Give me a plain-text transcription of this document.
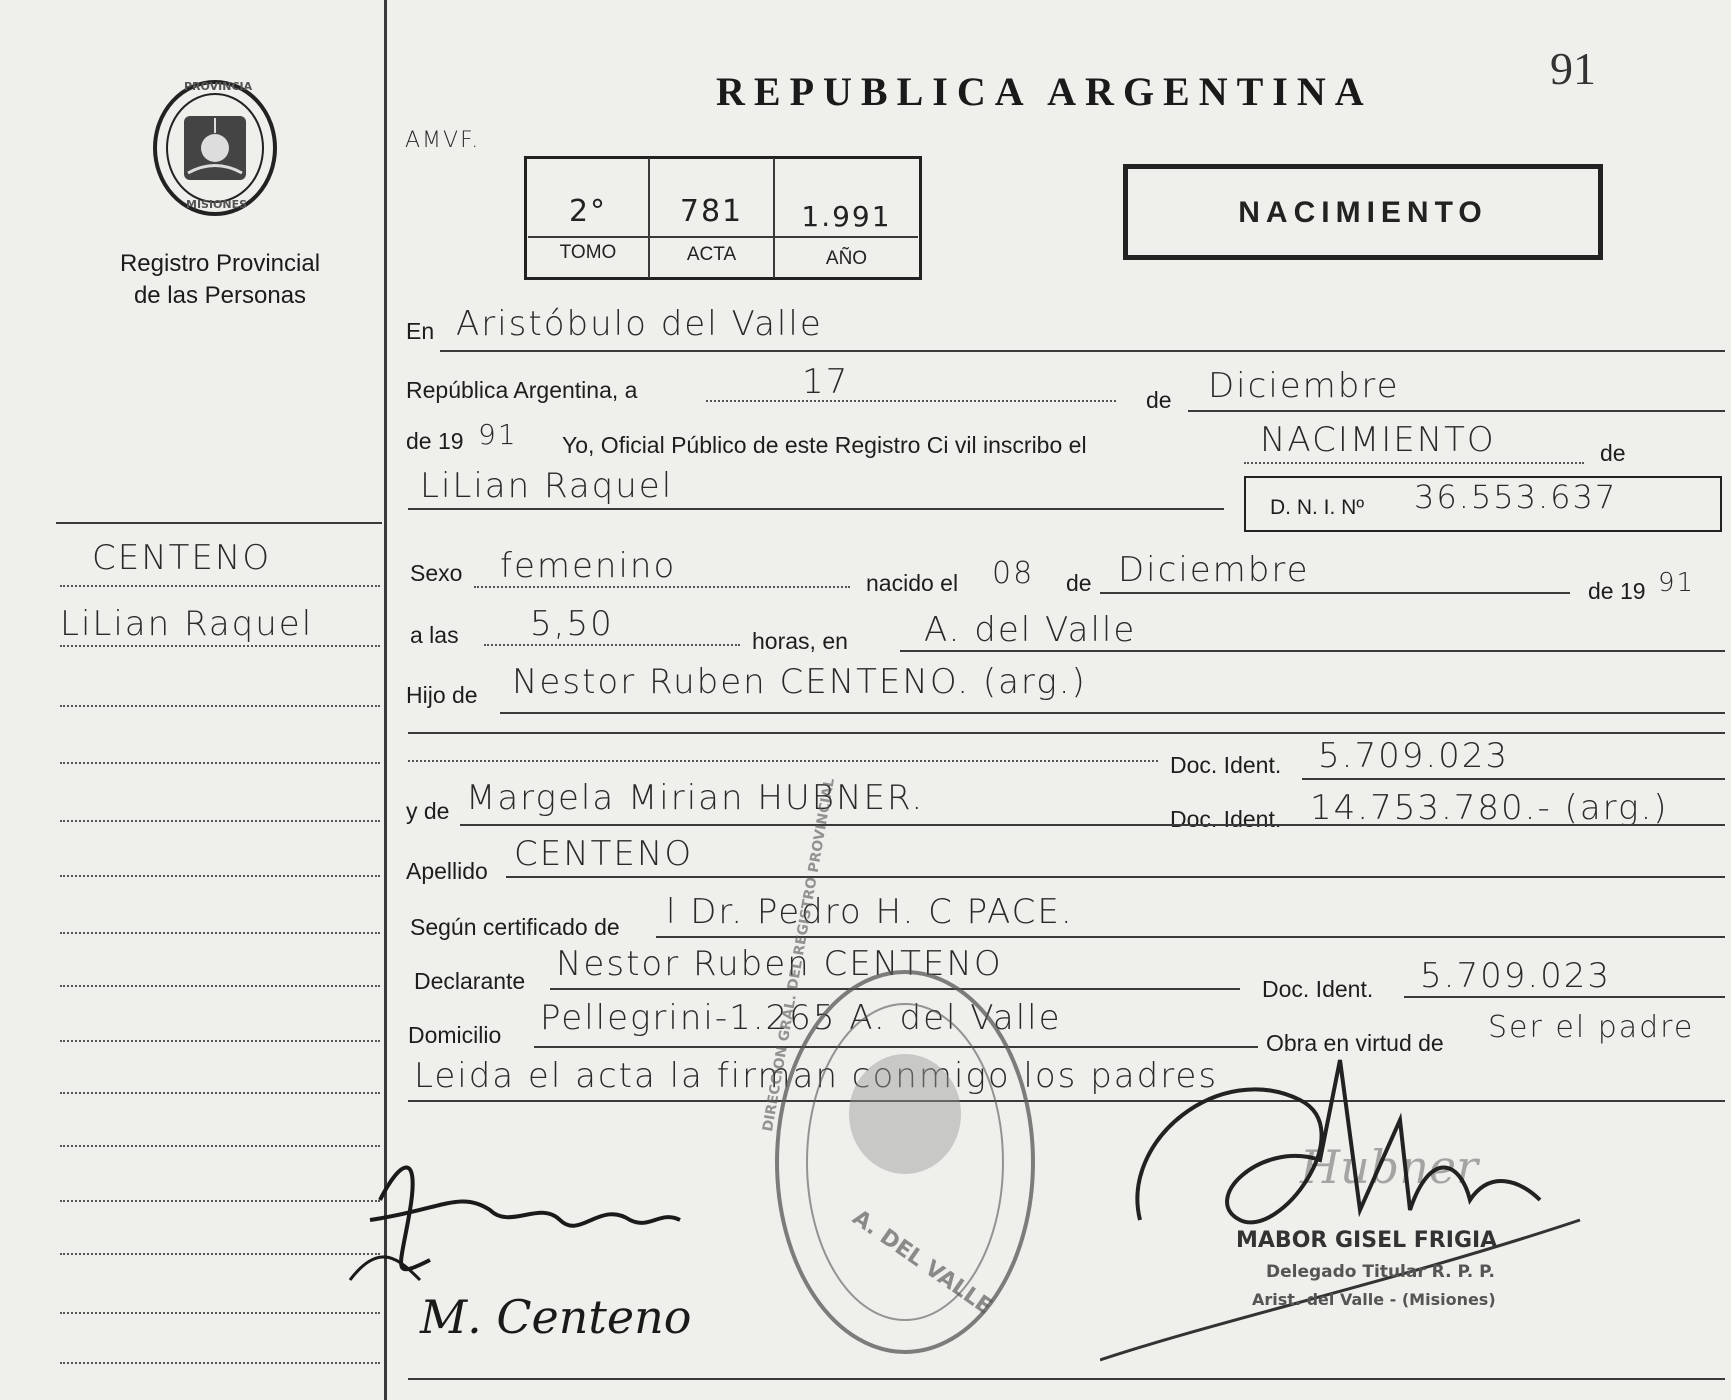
PROVINCIA
MISIONES
Registro Provincial
de las Personas
CENTENO
LiLian Raquel
REPUBLICA ARGENTINA	91
AMVF.
2°	781	1.991
TOMO	ACTA	AÑO
NACIMIENTO
En Aristóbulo del Valle
República Argentina, a	17	de Diciembre
de 19 91 Yo, Oficial Público de este Registro Ci vil inscribo el	NACIMIENTO	de
LiLian Raquel
D. N. I. Nº 36.553.637
Sexo femenino	nacido el 08 de Diciembre
de 19 91
a las 5,50	horas, en A. del Valle
Hijo de Nestor Ruben CENTENO. (arg.)
Doc. Ident. 5.709.023
y de Margela Mirian HUBNER.
Doc. Ident. 14.753.780.- (arg.)
Apellido CENTENO
Según certificado de l Dr. Pedro H. C PACE.
Declarante Nestor Ruben CENTENO
Doc. Ident. 5.709.023
Domicilio Pellegrini-1.265 A. del Valle
Obra en virtud de Ser el padre
Leida el acta la firman conmigo los padres
DIRECCION GRAL. DEL REGISTRO PROVINCIAL
A. DEL VALLE
M. Centeno
Hubner
MABOR GISEL FRIGIA
Delegado Titular R. P. P.
Arist. del Valle - (Misiones)
